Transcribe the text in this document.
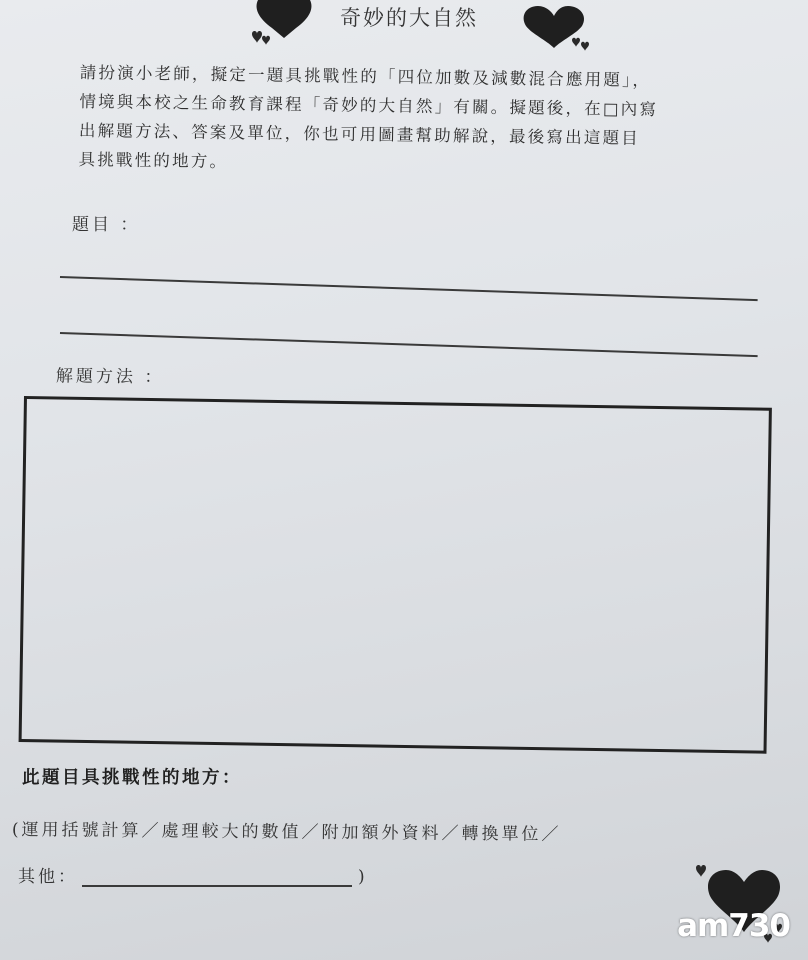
奇妙的大自然

請扮演小老師，擬定一題具挑戰性的「四位加數及減數混合應用題」，

情境與本校之生命教育課程「奇妙的大自然」有關。擬題後，在□內寫

出解題方法、答案及單位，你也可用圖畫幫助解說，最後寫出這題目

具挑戰性的地方。

題目 ：
解題方法 ：
此題目具挑戰性的地方：
(運用括號計算／處理較大的數值／附加額外資料／轉換單位／
其他：	)
am730
